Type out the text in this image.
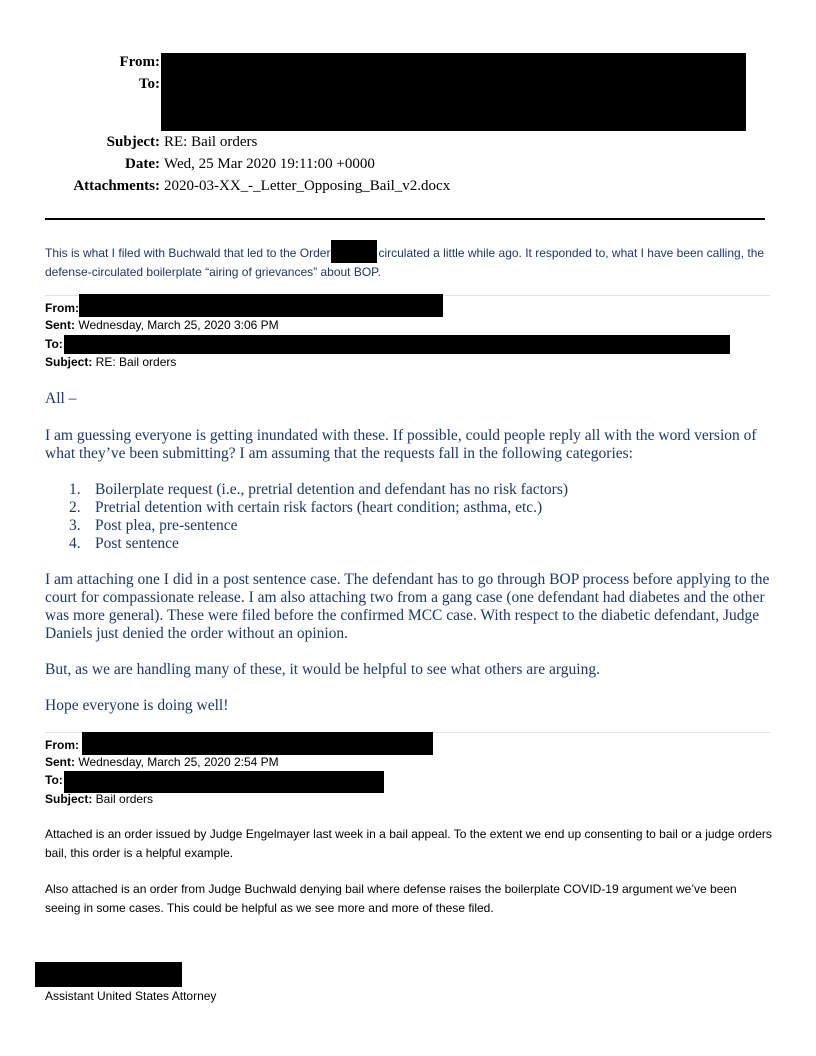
From:
To:
Subject: RE: Bail orders
Date: Wed, 25 Mar 2020 19:11:00 +0000
Attachments: 2020-03-XX_-_Letter_Opposing_Bail_v2.docx
This is what I filed with Buchwald that led to the Order	circulated a little while ago. It responded to, what I have been calling, the defense-circulated boilerplate “airing of grievances” about BOP.
From:
Sent: Wednesday, March 25, 2020 3:06 PM
To:
Subject: RE: Bail orders
All –
I am guessing everyone is getting inundated with these. If possible, could people reply all with the word version of what they’ve been submitting? I am assuming that the requests fall in the following categories:
1. Boilerplate request (i.e., pretrial detention and defendant has no risk factors)
2. Pretrial detention with certain risk factors (heart condition; asthma, etc.)
3. Post plea, pre-sentence
4. Post sentence
I am attaching one I did in a post sentence case. The defendant has to go through BOP process before applying to the court for compassionate release. I am also attaching two from a gang case (one defendant had diabetes and the other was more general). These were filed before the confirmed MCC case. With respect to the diabetic defendant, Judge Daniels just denied the order without an opinion.
But, as we are handling many of these, it would be helpful to see what others are arguing.
Hope everyone is doing well!
From:
Sent: Wednesday, March 25, 2020 2:54 PM
To:
Subject: Bail orders
Attached is an order issued by Judge Engelmayer last week in a bail appeal. To the extent we end up consenting to bail or a judge orders bail, this order is a helpful example.
Also attached is an order from Judge Buchwald denying bail where defense raises the boilerplate COVID-19 argument we’ve been seeing in some cases. This could be helpful as we see more and more of these filed.
Assistant United States Attorney
